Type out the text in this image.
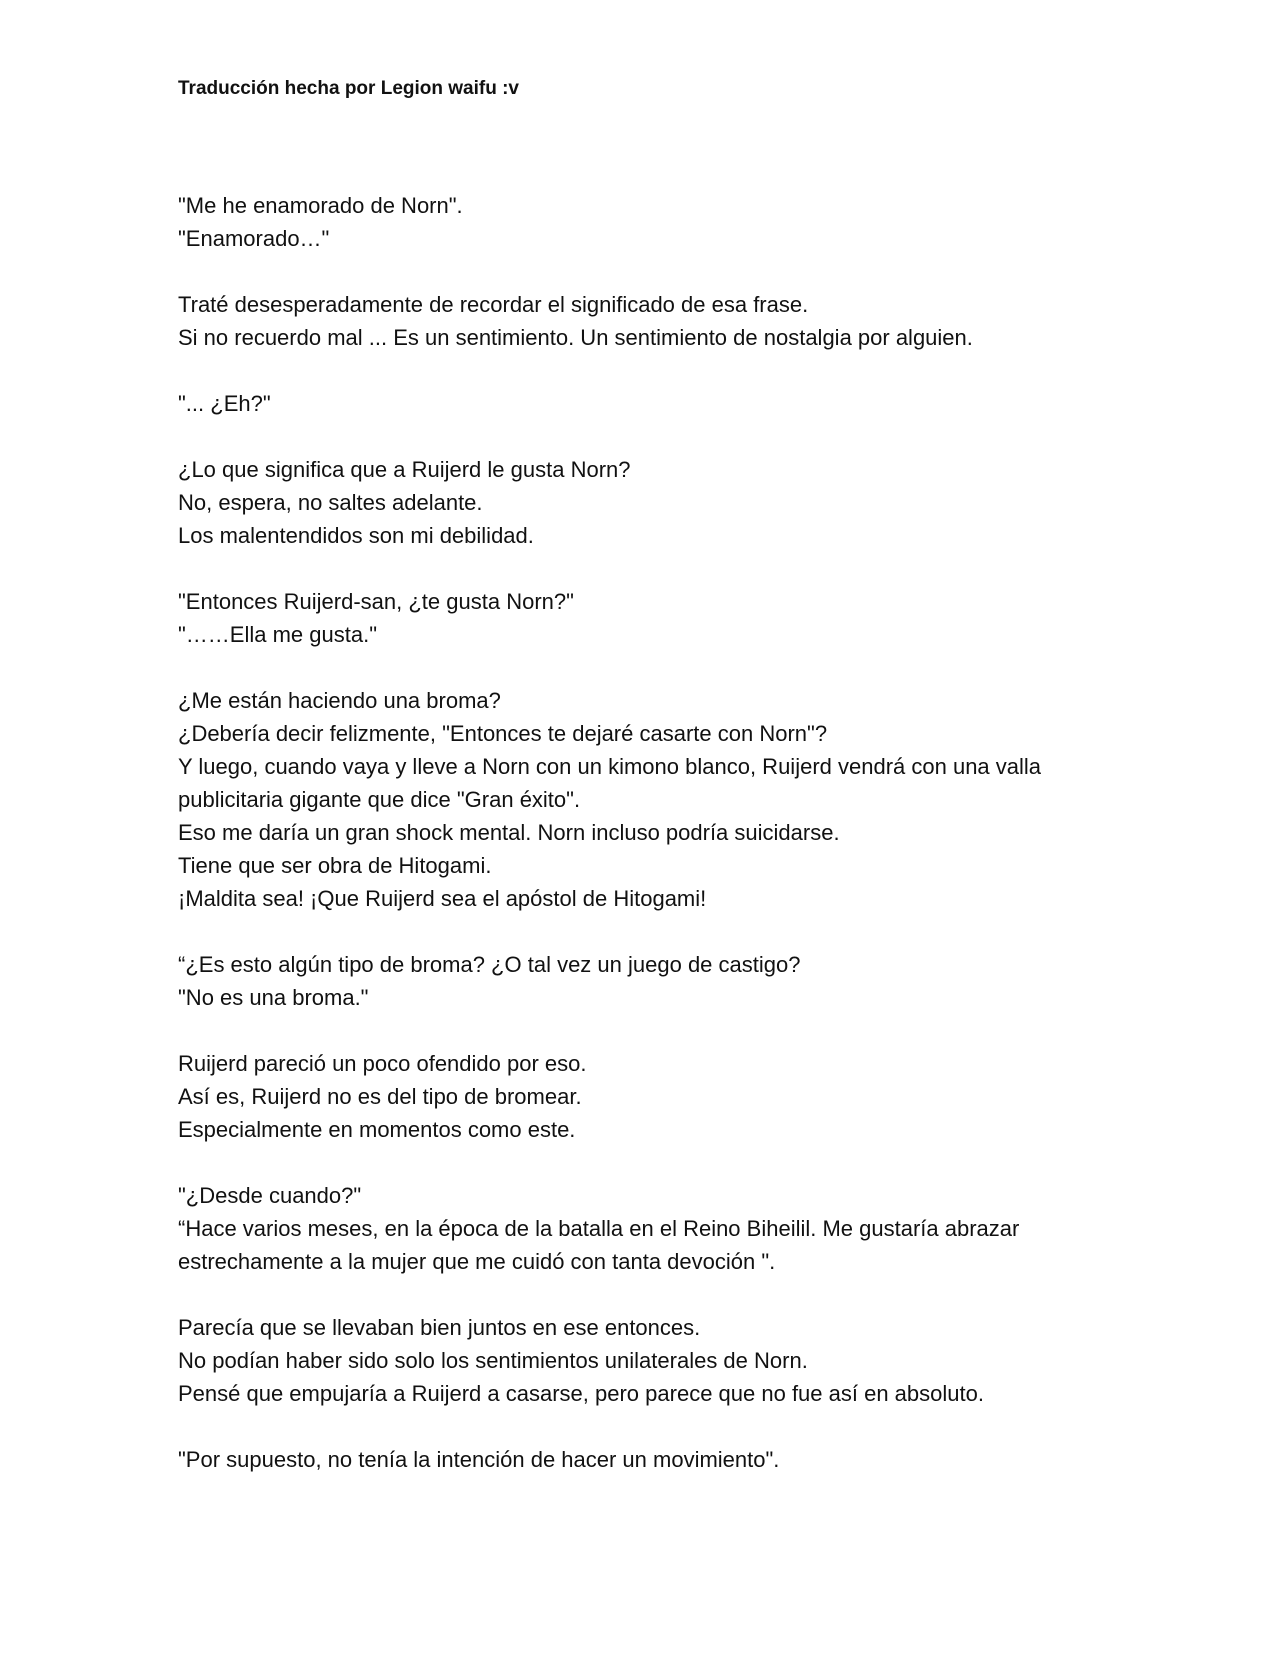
Traducción hecha por Legion waifu :v

"Me he enamorado de Norn".
"Enamorado…"
Traté desesperadamente de recordar el significado de esa frase.
Si no recuerdo mal ... Es un sentimiento. Un sentimiento de nostalgia por alguien.
"... ¿Eh?"
¿Lo que significa que a Ruijerd le gusta Norn?
No, espera, no saltes adelante.
Los malentendidos son mi debilidad.
"Entonces Ruijerd-san, ¿te gusta Norn?"
"……Ella me gusta."
¿Me están haciendo una broma?
¿Debería decir felizmente, "Entonces te dejaré casarte con Norn"?
Y luego, cuando vaya y lleve a Norn con un kimono blanco, Ruijerd vendrá con una valla
publicitaria gigante que dice "Gran éxito".
Eso me daría un gran shock mental. Norn incluso podría suicidarse.
Tiene que ser obra de Hitogami.
¡Maldita sea! ¡Que Ruijerd sea el apóstol de Hitogami!
“¿Es esto algún tipo de broma? ¿O tal vez un juego de castigo?
"No es una broma."
Ruijerd pareció un poco ofendido por eso.
Así es, Ruijerd no es del tipo de bromear.
Especialmente en momentos como este.
"¿Desde cuando?"
“Hace varios meses, en la época de la batalla en el Reino Biheilil. Me gustaría abrazar
estrechamente a la mujer que me cuidó con tanta devoción ".
Parecía que se llevaban bien juntos en ese entonces.
No podían haber sido solo los sentimientos unilaterales de Norn.
Pensé que empujaría a Ruijerd a casarse, pero parece que no fue así en absoluto.
"Por supuesto, no tenía la intención de hacer un movimiento".
